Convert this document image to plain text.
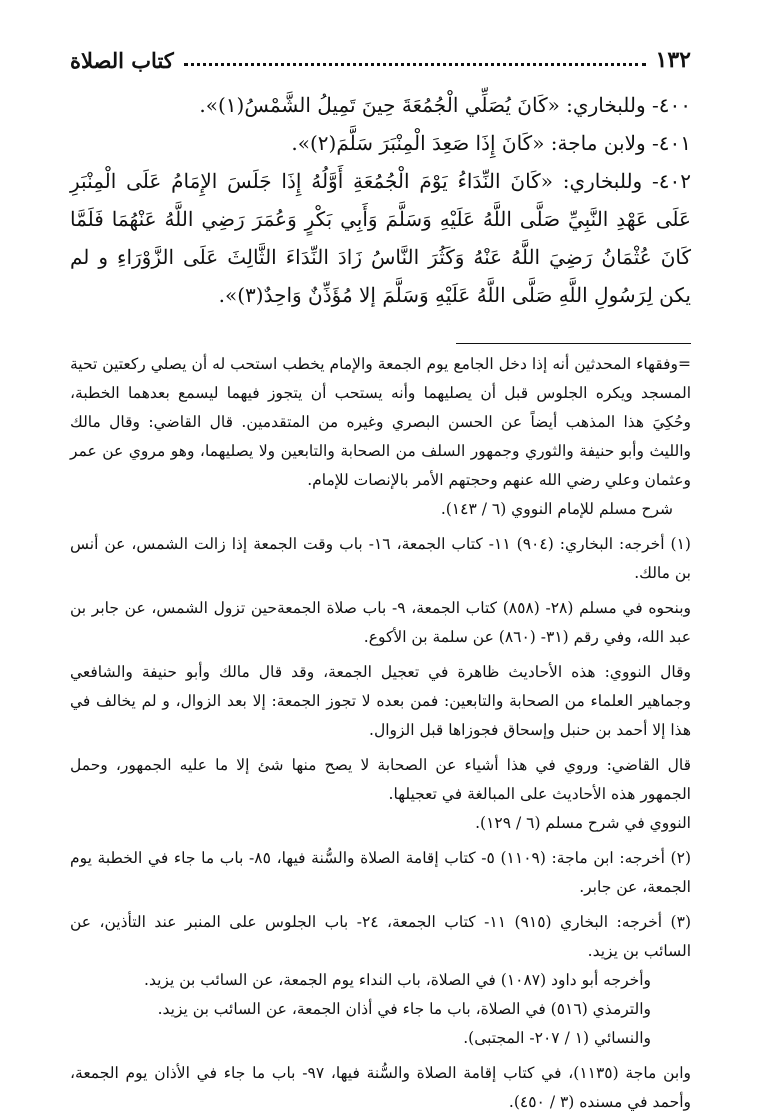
كتاب الصلاة	١٣٢

٤٠٠- وللبخاري: «كَانَ يُصَلِّي الْجُمُعَةَ حِينَ تَمِيلُ الشَّمْسُ(١)».

٤٠١- ولابن ماجة: «كَانَ إِذَا صَعِدَ الْمِنْبَرَ سَلَّمَ(٢)».

٤٠٢- وللبخاري: «كَانَ النِّدَاءُ يَوْمَ الْجُمُعَةِ أَوَّلُهُ إِذَا جَلَسَ الإِمَامُ عَلَى الْمِنْبَرِ عَلَى عَهْدِ النَّبِيِّ صَلَّى اللَّهُ عَلَيْهِ وَسَلَّمَ وَأَبِي بَكْرٍ وَعُمَرَ رَضِي اللَّهُ عَنْهُمَا فَلَمَّا كَانَ عُثْمَانُ رَضِيَ اللَّهُ عَنْهُ وَكَثُرَ النَّاسُ زَادَ النِّدَاءَ الثَّالِثَ عَلَى الزَّوْرَاءِ و لم يكن لِرَسُولِ اللَّهِ صَلَّى اللَّهُ عَلَيْهِ وَسَلَّمَ إلا مُؤَذِّنٌ وَاحِدٌ(٣)».

=وفقهاء المحدثين أنه إذا دخل الجامع يوم الجمعة والإمام يخطب استحب له أن يصلي ركعتين تحية المسجد ويكره الجلوس قبل أن يصليهما وأنه يستحب أن يتجوز فيهما ليسمع بعدهما الخطبة، وحُكِيَ هذا المذهب أيضاً عن الحسن البصري وغيره من المتقدمين. قال القاضي: وقال مالك والليث وأبو حنيفة والثوري وجمهور السلف من الصحابة والتابعين ولا يصليهما، وهو مروي عن عمر وعثمان وعلي رضي الله عنهم وحجتهم الأمر بالإنصات للإمام.

شرح مسلم للإمام النووي (٦ / ١٤٣).

(١) أخرجه: البخاري: (٩٠٤) ١١- كتاب الجمعة، ١٦- باب وقت الجمعة إذا زالت الشمس، عن أنس بن مالك.

وبنحوه في مسلم (٢٨- (٨٥٨) كتاب الجمعة، ٩- باب صلاة الجمعةحين تزول الشمس، عن جابر بن عبد الله، وفي رقم (٣١- (٨٦٠) عن سلمة بن الأكوع.

وقال النووي: هذه الأحاديث ظاهرة في تعجيل الجمعة، وقد قال مالك وأبو حنيفة والشافعي وجماهير العلماء من الصحابة والتابعين: فمن بعده لا تجوز الجمعة: إلا بعد الزوال، و لم يخالف في هذا إلا أحمد بن حنبل وإسحاق فجوزاها قبل الزوال.

قال القاضي: وروي في هذا أشياء عن الصحابة لا يصح منها شئ إلا ما عليه الجمهور، وحمل الجمهور هذه الأحاديث على المبالغة في تعجيلها.

النووي في شرح مسلم (٦ / ١٢٩).

(٢) أخرجه: ابن ماجة: (١١٠٩) ٥- كتاب إقامة الصلاة والسُّنة فيها، ٨٥- باب ما جاء في الخطبة يوم الجمعة، عن جابر.

(٣) أخرجه: البخاري (٩١٥) ١١- كتاب الجمعة، ٢٤- باب الجلوس على المنبر عند التأذين، عن السائب بن يزيد.

وأخرجه أبو داود (١٠٨٧) في الصلاة، باب النداء يوم الجمعة، عن السائب بن يزيد.

والترمذي (٥١٦) في الصلاة، باب ما جاء في أذان الجمعة، عن السائب بن يزيد.

والنسائي (١ / ٢٠٧- المجتبى).

وابن ماجة (١١٣٥)، في كتاب إقامة الصلاة والسُّنة فيها، ٩٧- باب ما جاء في الأذان يوم الجمعة، وأحمد في مسنده (٣ / ٤٥٠).
